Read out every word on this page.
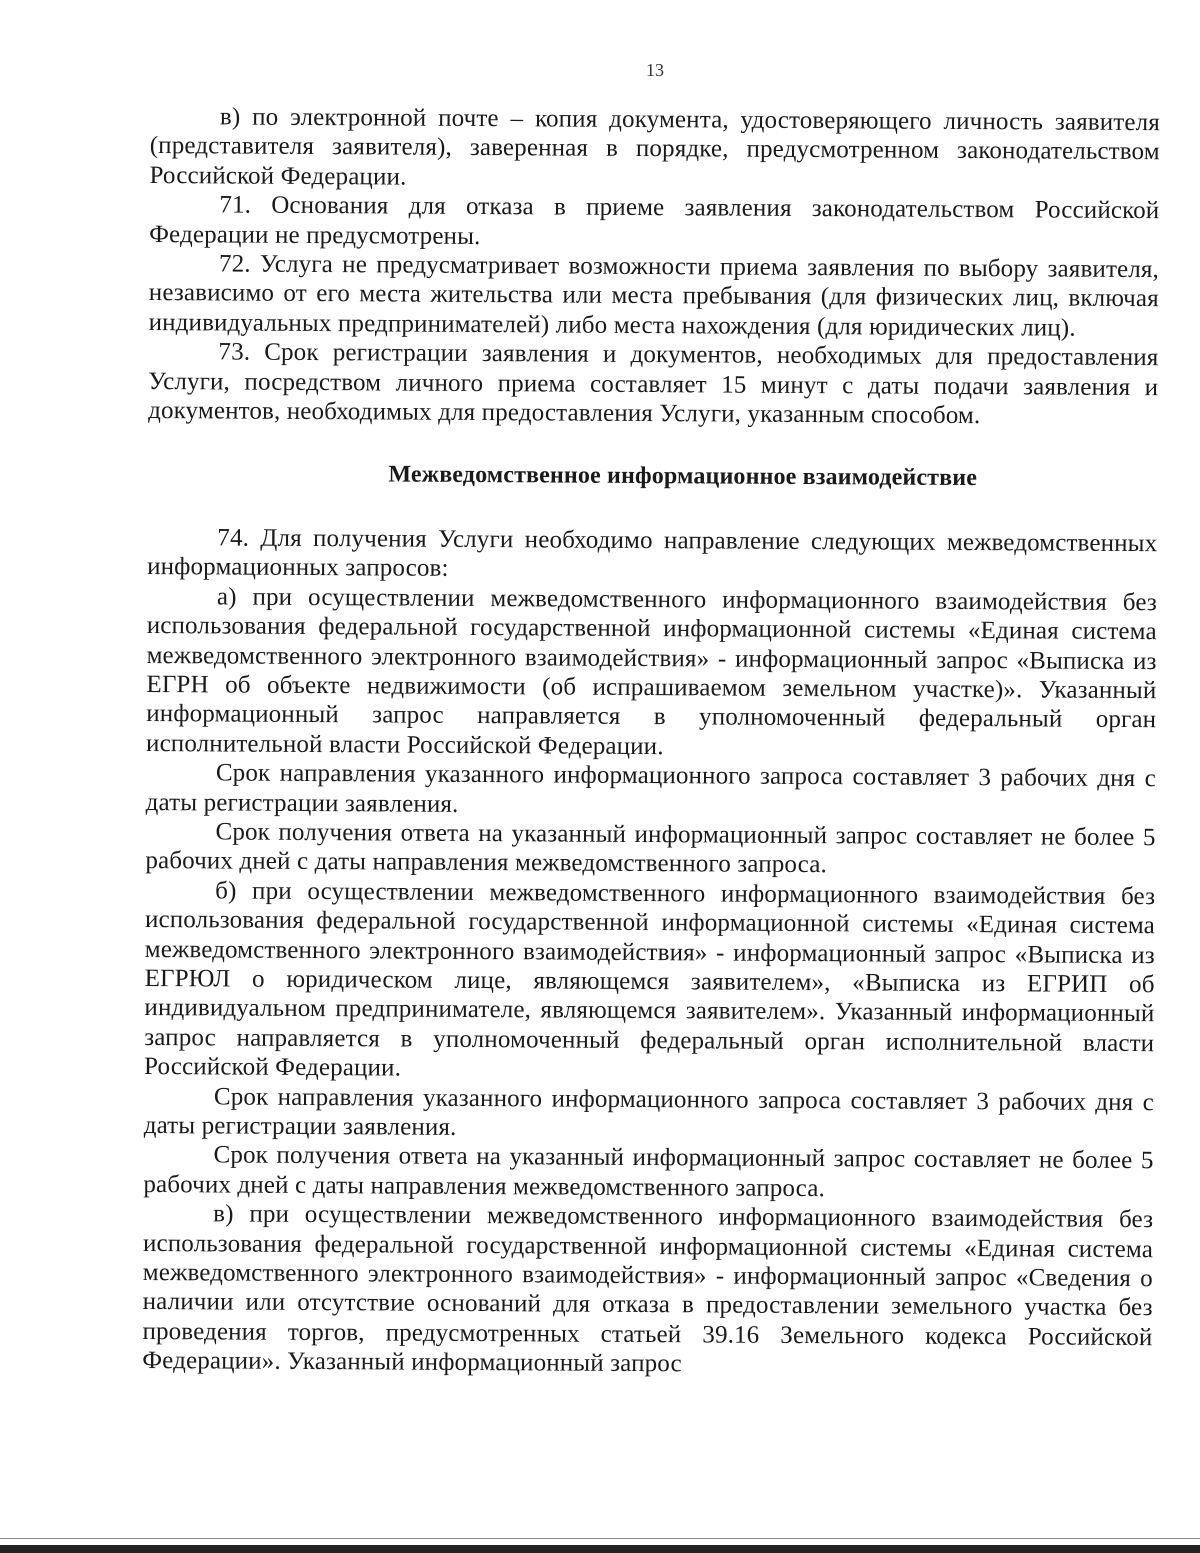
13

в) по электронной почте – копия документа, удостоверяющего личность заявителя (представителя заявителя), заверенная в порядке, предусмотренном законодательством Российской Федерации.

71. Основания для отказа в приеме заявления законодательством Российской Федерации не предусмотрены.

72. Услуга не предусматривает возможности приема заявления по выбору заявителя, независимо от его места жительства или места пребывания (для физических лиц, включая индивидуальных предпринимателей) либо места нахождения (для юридических лиц).

73. Срок регистрации заявления и документов, необходимых для предоставления Услуги, посредством личного приема составляет 15 минут с даты подачи заявления и документов, необходимых для предоставления Услуги, указанным способом.

Межведомственное информационное взаимодействие

74. Для получения Услуги необходимо направление следующих межведомственных информационных запросов:

а) при осуществлении межведомственного информационного взаимодействия без использования федеральной государственной информационной системы «Единая система межведомственного электронного взаимодействия» - информационный запрос «Выписка из ЕГРН об объекте недвижимости (об испрашиваемом земельном участке)». Указанный информационный запрос направляется в уполномоченный федеральный орган исполнительной власти Российской Федерации.

Срок направления указанного информационного запроса составляет 3 рабочих дня с даты регистрации заявления.

Срок получения ответа на указанный информационный запрос составляет не более 5 рабочих дней с даты направления межведомственного запроса.

б) при осуществлении межведомственного информационного взаимодействия без использования федеральной государственной информационной системы «Единая система межведомственного электронного взаимодействия» - информационный запрос «Выписка из ЕГРЮЛ о юридическом лице, являющемся заявителем», «Выписка из ЕГРИП об индивидуальном предпринимателе, являющемся заявителем». Указанный информационный запрос направляется в уполномоченный федеральный орган исполнительной власти Российской Федерации.

Срок направления указанного информационного запроса составляет 3 рабочих дня с даты регистрации заявления.

Срок получения ответа на указанный информационный запрос составляет не более 5 рабочих дней с даты направления межведомственного запроса.

в) при осуществлении межведомственного информационного взаимодействия без использования федеральной государственной информационной системы «Единая система межведомственного электронного взаимодействия» - информационный запрос «Сведения о наличии или отсутствие оснований для отказа в предоставлении земельного участка без проведения торгов, предусмотренных статьей 39.16 Земельного кодекса Российской Федерации». Указанный информационный запрос
